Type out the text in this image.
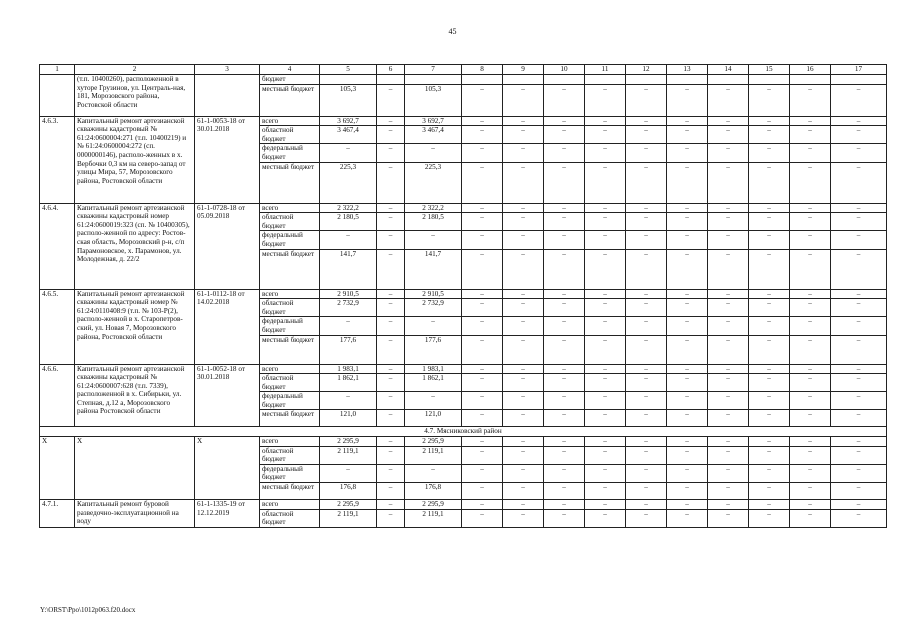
45
1	2	3	4	5	6	7	8	9	10	11	12	13	14	15	16	17
	(т.п. 10400260), расположенной в хуторе Грузинов, ул. Централь-ная, 181, Морозовского района, Ростовской области		бюджет													
			местный бюджет	105,3	–	105,3	–	–	–	–	–	–	–	–	–	–
4.6.3.	Капитальный ремонт артезианской скважины кадастровый № 61:24:0600004:271 (т.п. 10400219) и № 61:24:0600004:272 (сп. 0000000146), располо-женных в х. Вербочки 0,3 км на северо-запад от улицы Мира, 57, Морозовского района, Ростовской области	61-1-0053-18 от 30.01.2018	всего	3 692,7	–	3 692,7	–	–	–	–	–	–	–	–	–	–
			областной бюджет	3 467,4	–	3 467,4	–	–	–	–	–	–	–	–	–	–
			федеральный бюджет	–	–	–	–	–	–	–	–	–	–	–	–	–
			местный бюджет	225,3	–	225,3	–	–	–	–	–	–	–	–	–	–
4.6.4.	Капитальный ремонт артезианской скважины кадастровый номер 61:24:0600019:323 (сп. № 10400305), располо-женной по адресу: Ростов-ская область, Морозовский р-н, с/п Парамоновское, х. Парамонов, ул. Молодежная, д. 22/2	61-1-0728-18 от 05.09.2018	всего	2 322,2	–	2 322,2	–	–	–	–	–	–	–	–	–	–
			областной бюджет	2 180,5	–	2 180,5	–	–	–	–	–	–	–	–	–	–
			федеральный бюджет	–	–	–	–	–	–	–	–	–	–	–	–	–
			местный бюджет	141,7	–	141,7	–	–	–	–	–	–	–	–	–	–
4.6.5.	Капитальный ремонт артезианской скважины кадастровый номер № 61:24:0110408:9 (т.п. № 103-Р(2), располо-женной в х. Старопетров-ский, ул. Новая 7, Морозовского района, Ростовской области	61-1-0112-18 от 14.02.2018	всего	2 910,5	–	2 910,5	–	–	–	–	–	–	–	–	–	–
			областной бюджет	2 732,9	–	2 732,9	–	–	–	–	–	–	–	–	–	–
			федеральный бюджет	–	–	–	–	–	–	–	–	–	–	–	–	–
			местный бюджет	177,6	–	177,6	–	–	–	–	–	–	–	–	–	–
4.6.6.	Капитальный ремонт артезианской скважины кадастровый № 61:24:0600007:628 (т.п. 7339), расположенной в х. Сибирьки, ул. Степная, д.12 а, Морозовского района Ростовской области	61-1-0052-18 от 30.01.2018	всего	1 983,1	–	1 983,1	–	–	–	–	–	–	–	–	–	–
			областной бюджет	1 862,1	–	1 862,1	–	–	–	–	–	–	–	–	–	–
			федеральный бюджет	–	–	–	–	–	–	–	–	–	–	–	–	–
			местный бюджет	121,0	–	121,0	–	–	–	–	–	–	–	–	–	–
4.7. Мясниковский район																
Х	Х	Х	всего	2 295,9	–	2 295,9	–	–	–	–	–	–	–	–	–	–
			областной бюджет	2 119,1	–	2 119,1	–	–	–	–	–	–	–	–	–	–
			федеральный бюджет	–	–	–	–	–	–	–	–	–	–	–	–	–
			местный бюджет	176,8	–	176,8	–	–	–	–	–	–	–	–	–	–
4.7.1.	Капитальный ремонт буровой разведочно-эксплуатационной на воду	61-1-1335-19 от 12.12.2019	всего	2 295,9	–	2 295,9	–	–	–	–	–	–	–	–	–	–
			областной бюджет	2 119,1	–	2 119,1	–	–	–	–	–	–	–	–	–	–
Y:\ORST\Ppo\1012p063.f20.docx
